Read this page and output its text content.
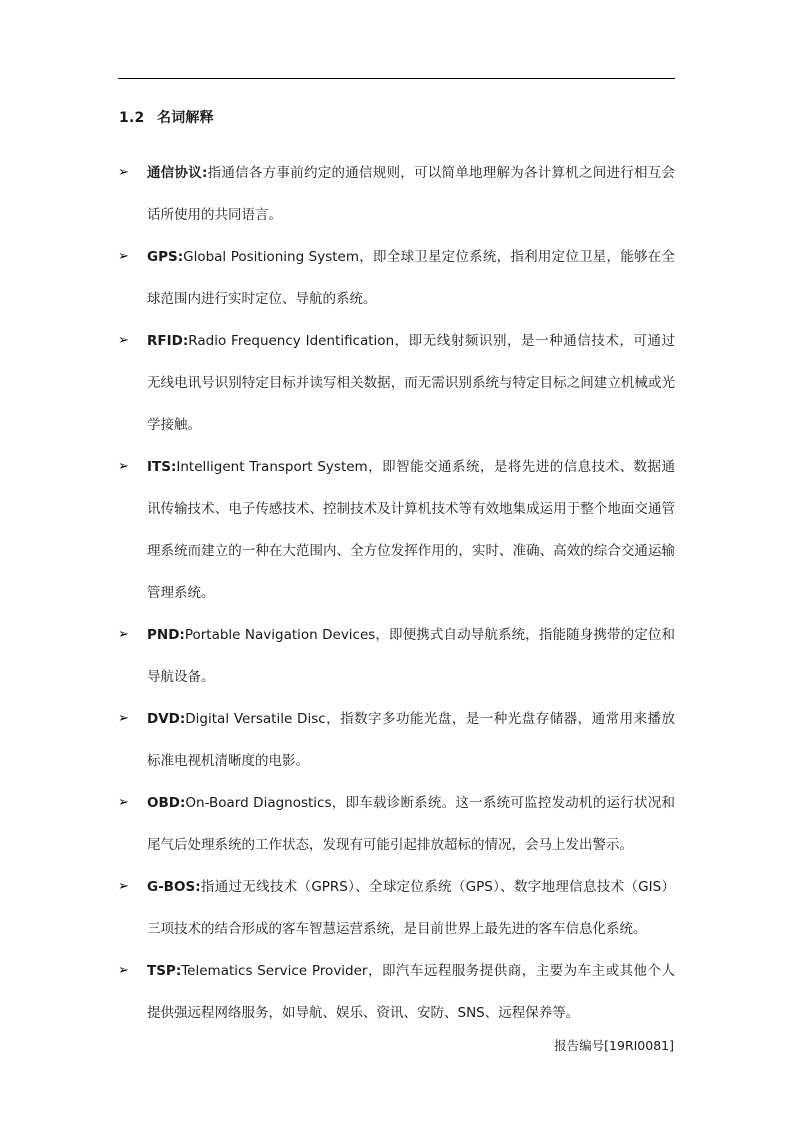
1.2 名词解释
➢	通信协议:指通信各方事前约定的通信规则，可以简单地理解为各计算机之间进行相互会话所使用的共同语言。
➢	GPS:Global Positioning System，即全球卫星定位系统，指利用定位卫星，能够在全球范围内进行实时定位、导航的系统。
➢	RFID:Radio Frequency Identification，即无线射频识别，是一种通信技术，可通过无线电讯号识别特定目标并读写相关数据，而无需识别系统与特定目标之间建立机械或光学接触。
➢	ITS:Intelligent Transport System，即智能交通系统，是将先进的信息技术、数据通讯传输技术、电子传感技术、控制技术及计算机技术等有效地集成运用于整个地面交通管理系统而建立的一种在大范围内、全方位发挥作用的，实时、准确、高效的综合交通运输管理系统。
➢	PND:Portable Navigation Devices，即便携式自动导航系统，指能随身携带的定位和导航设备。
➢	DVD:Digital Versatile Disc，指数字多功能光盘，是一种光盘存储器，通常用来播放标准电视机清晰度的电影。
➢	OBD:On-Board Diagnostics，即车载诊断系统。这一系统可监控发动机的运行状况和尾气后处理系统的工作状态，发现有可能引起排放超标的情况，会马上发出警示。
➢	G-BOS:指通过无线技术（GPRS）、全球定位系统（GPS）、数字地理信息技术（GIS）三项技术的结合形成的客车智慧运营系统，是目前世界上最先进的客车信息化系统。
➢	TSP:Telematics Service Provider，即汽车远程服务提供商，主要为车主或其他个人提供强远程网络服务，如导航、娱乐、资讯、安防、SNS、远程保养等。
报告编号[19RI0081]
